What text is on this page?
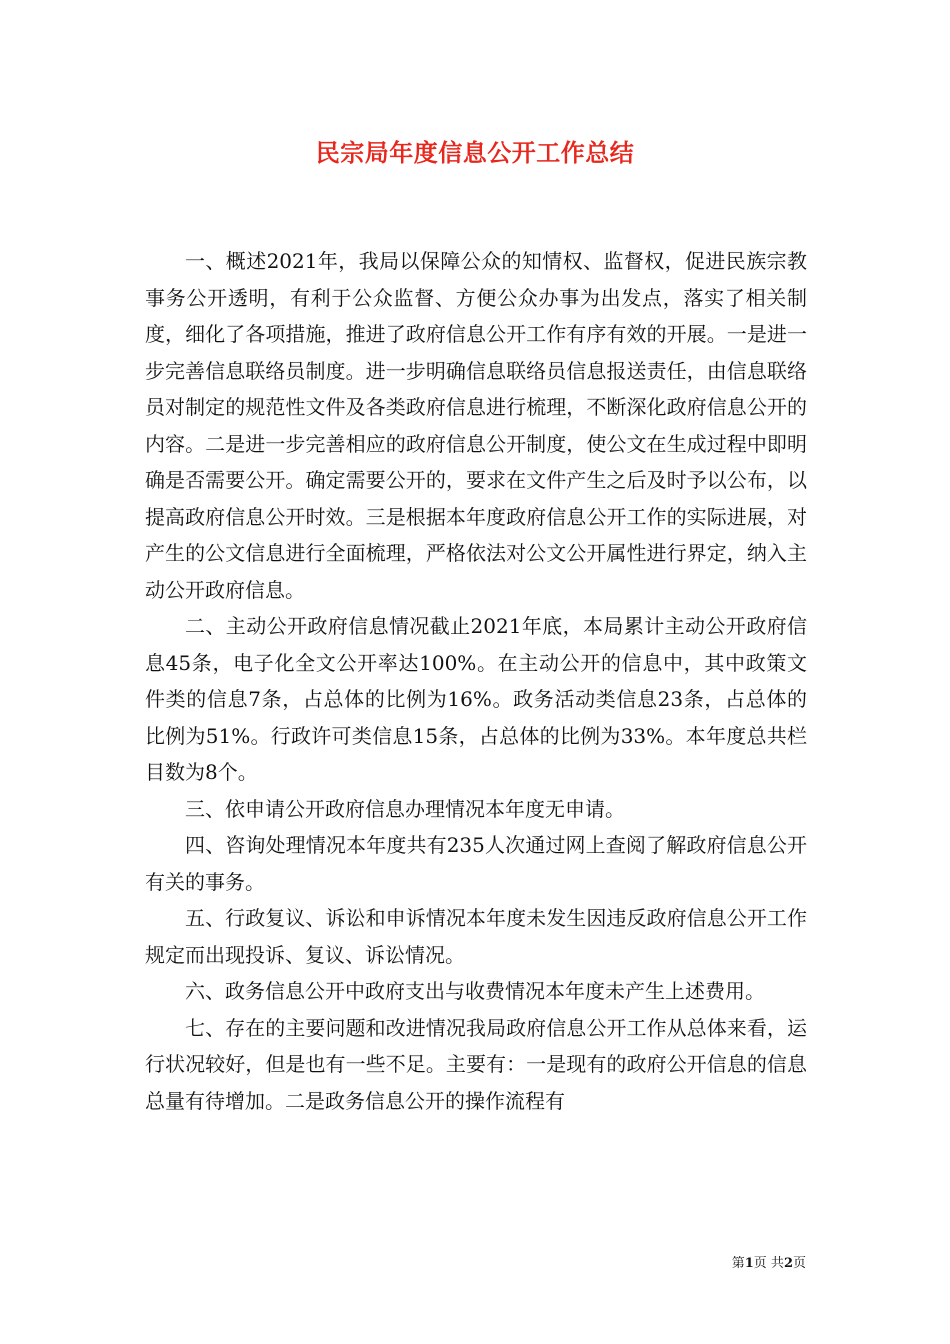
民宗局年度信息公开工作总结

一、概述2021年，我局以保障公众的知情权、监督权，促进民族宗教事务公开透明，有利于公众监督、方便公众办事为出发点，落实了相关制度，细化了各项措施，推进了政府信息公开工作有序有效的开展。一是进一步完善信息联络员制度。进一步明确信息联络员信息报送责任，由信息联络员对制定的规范性文件及各类政府信息进行梳理，不断深化政府信息公开的内容。二是进一步完善相应的政府信息公开制度，使公文在生成过程中即明确是否需要公开。确定需要公开的，要求在文件产生之后及时予以公布，以提高政府信息公开时效。三是根据本年度政府信息公开工作的实际进展，对产生的公文信息进行全面梳理，严格依法对公文公开属性进行界定，纳入主动公开政府信息。

二、主动公开政府信息情况截止2021年底，本局累计主动公开政府信息45条，电子化全文公开率达100%。在主动公开的信息中，其中政策文件类的信息7条，占总体的比例为16%。政务活动类信息23条，占总体的比例为51%。行政许可类信息15条，占总体的比例为33%。本年度总共栏目数为8个。

三、依申请公开政府信息办理情况本年度无申请。

四、咨询处理情况本年度共有235人次通过网上查阅了解政府信息公开有关的事务。

五、行政复议、诉讼和申诉情况本年度未发生因违反政府信息公开工作规定而出现投诉、复议、诉讼情况。

六、政务信息公开中政府支出与收费情况本年度未产生上述费用。

七、存在的主要问题和改进情况我局政府信息公开工作从总体来看，运行状况较好，但是也有一些不足。主要有：一是现有的政府公开信息的信息总量有待增加。二是政务信息公开的操作流程有

第1页 共2页
